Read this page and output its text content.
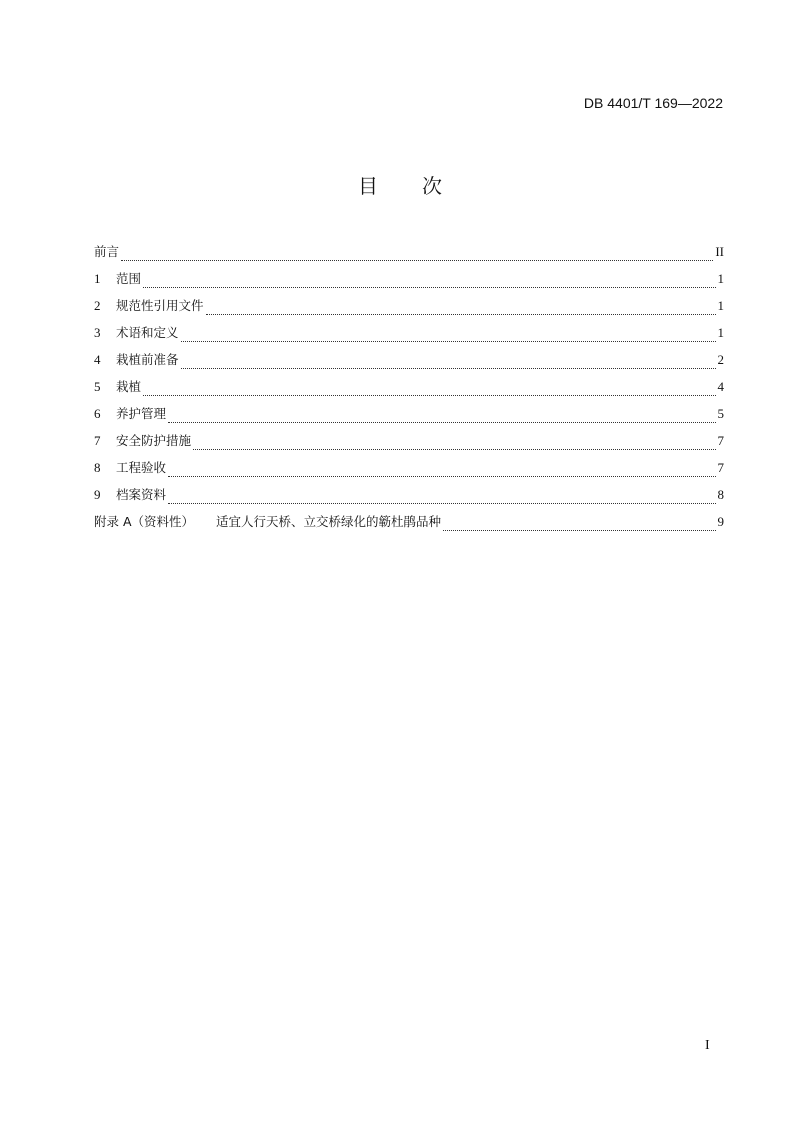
DB 4401/T 169—2022
目 次
前言	II
1	范围	1
2	规范性引用文件	1
3	术语和定义	1
4	栽植前准备	2
5	栽植	4
6	养护管理	5
7	安全防护措施	7
8	工程验收	7
9	档案资料	8
附录 A（资料性） 适宜人行天桥、立交桥绿化的簕杜鹃品种	9
I
